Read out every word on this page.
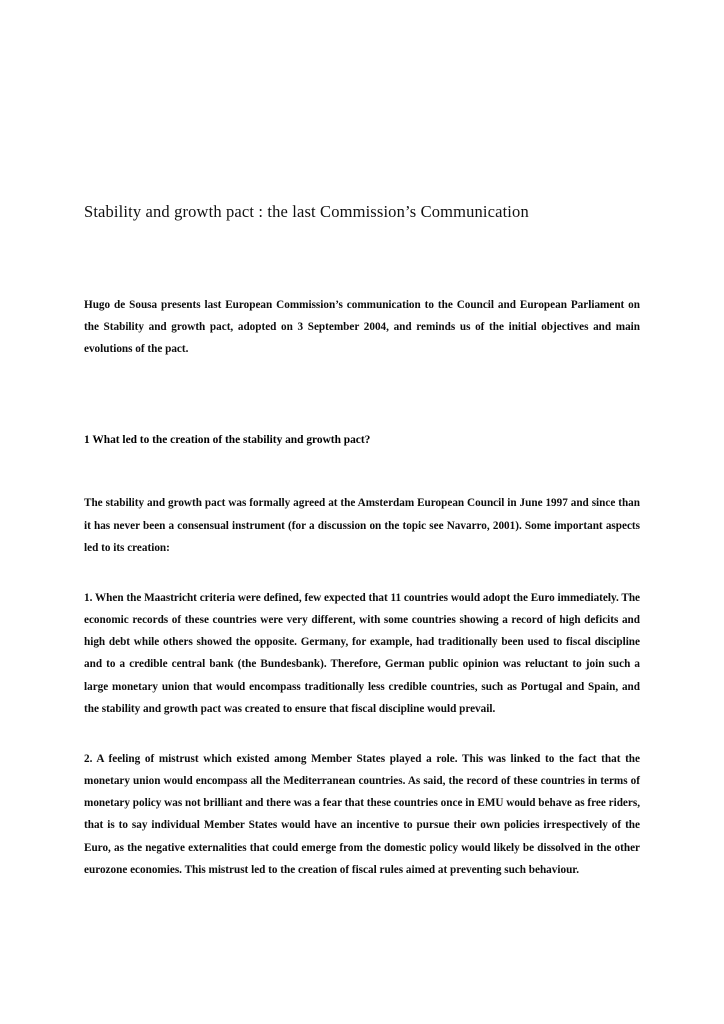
Stability and growth pact : the last Commission’s Communication

Hugo de Sousa presents last European Commission’s communication to the Council and European Parliament on the Stability and growth pact, adopted on 3 September 2004, and reminds us of the initial objectives and main evolutions of the pact.

1 What led to the creation of the stability and growth pact?

The stability and growth pact was formally agreed at the Amsterdam European Council in June 1997 and since than it has never been a consensual instrument (for a discussion on the topic see Navarro, 2001). Some important aspects led to its creation:

1. When the Maastricht criteria were defined, few expected that 11 countries would adopt the Euro immediately. The economic records of these countries were very different, with some countries showing a record of high deficits and high debt while others showed the opposite. Germany, for example, had traditionally been used to fiscal discipline and to a credible central bank (the Bundesbank). Therefore, German public opinion was reluctant to join such a large monetary union that would encompass traditionally less credible countries, such as Portugal and Spain, and the stability and growth pact was created to ensure that fiscal discipline would prevail.

2. A feeling of mistrust which existed among Member States played a role. This was linked to the fact that the monetary union would encompass all the Mediterranean countries. As said, the record of these countries in terms of monetary policy was not brilliant and there was a fear that these countries once in EMU would behave as free riders, that is to say individual Member States would have an incentive to pursue their own policies irrespectively of the Euro, as the negative externalities that could emerge from the domestic policy would likely be dissolved in the other eurozone economies. This mistrust led to the creation of fiscal rules aimed at preventing such behaviour.
